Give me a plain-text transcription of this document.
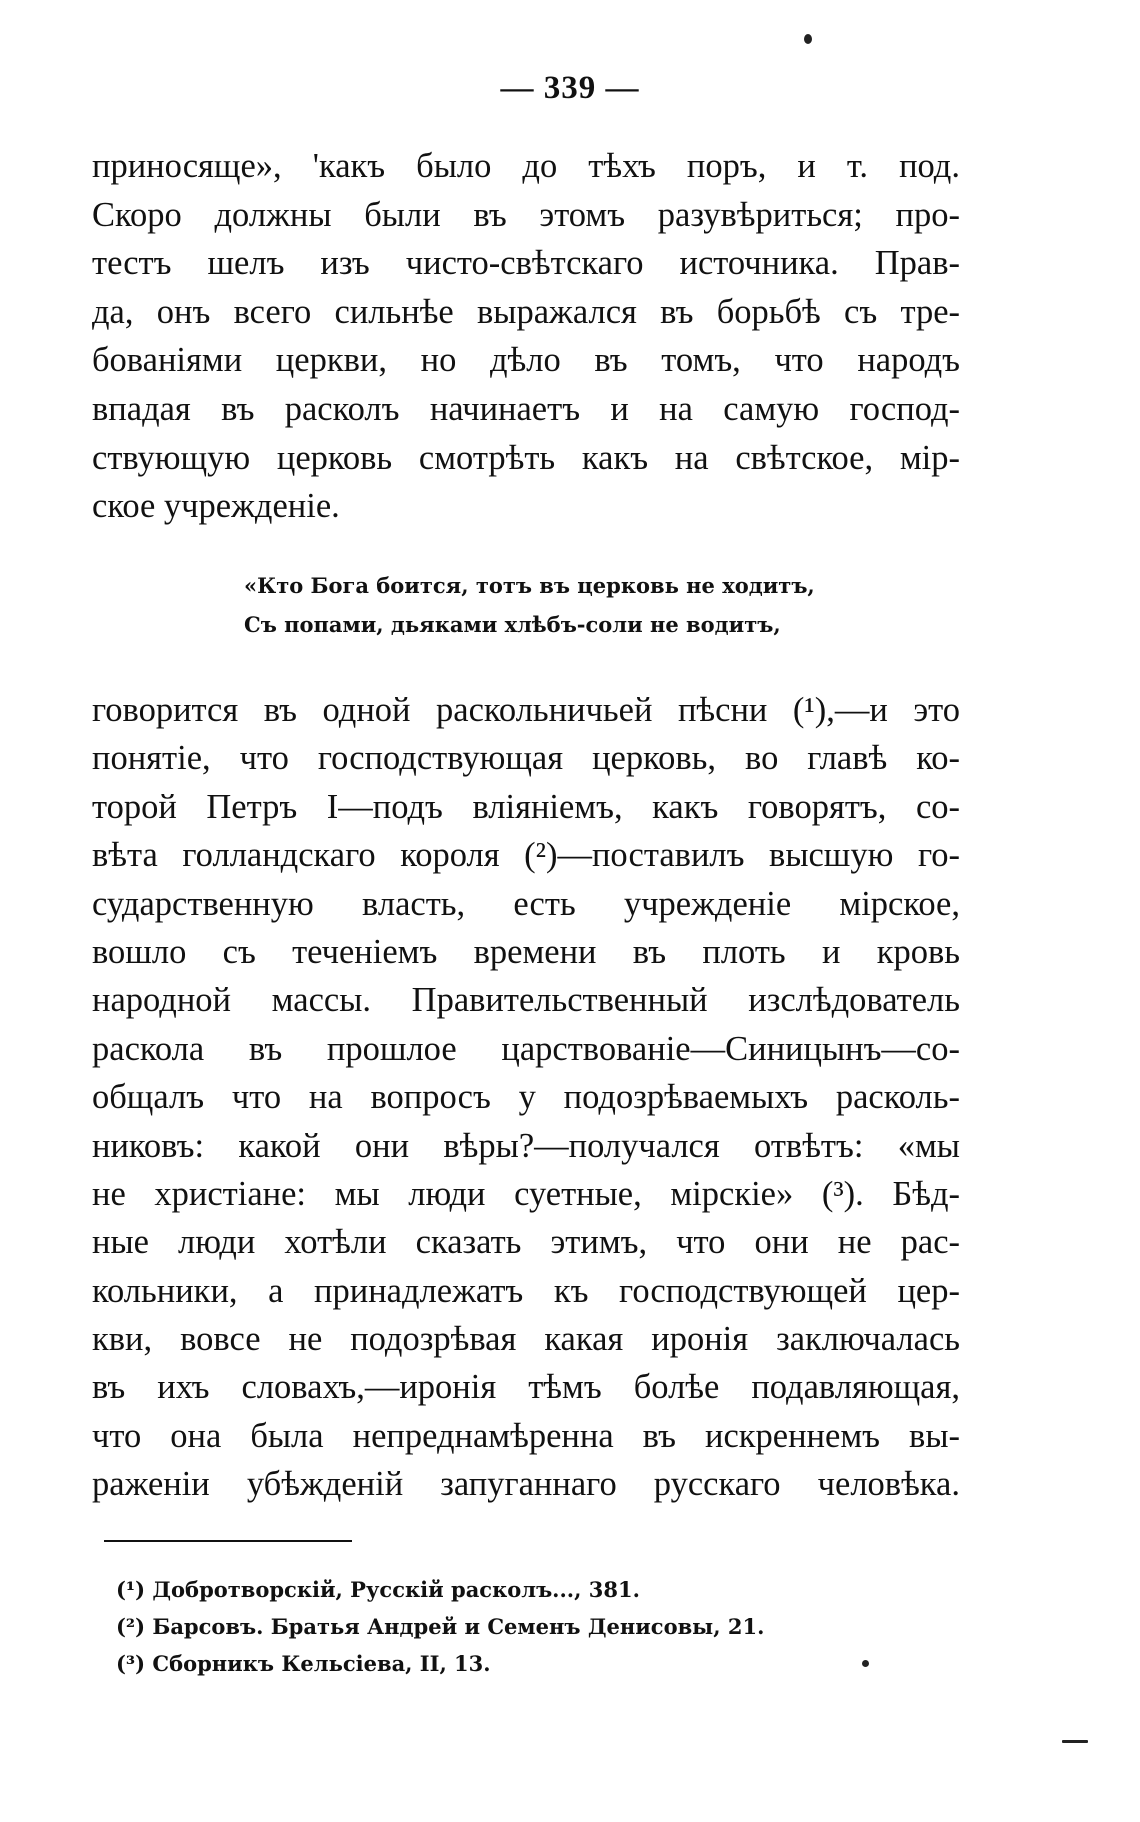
— 339 —
приносяще», 'какъ было до тѣхъ поръ, и т. под.
Скоро должны были въ этомъ разувѣриться; про-
тестъ шелъ изъ чисто-свѣтскаго источника. Прав-
да, онъ всего сильнѣе выражался въ борьбѣ съ тре-
бованіями церкви, но дѣло въ томъ, что народъ
впадая въ расколъ начинаетъ и на самую господ-
ствующую церковь смотрѣть какъ на свѣтское, мір-
ское учрежденіе.
«Кто Бога боится, тотъ въ церковь не ходитъ,
Съ попами, дьяками хлѣбъ-соли не водитъ,
говорится въ одной раскольничьей пѣсни (¹),—и это
понятіе, что господствующая церковь, во главѣ ко-
торой Петръ I—подъ вліяніемъ, какъ говорятъ, со-
вѣта голландскаго короля (²)—поставилъ высшую го-
сударственную власть, есть учрежденіе мірское,
вошло съ теченіемъ времени въ плоть и кровь
народной массы. Правительственный изслѣдователь
раскола въ прошлое царствованіе—Синицынъ—со-
общалъ что на вопросъ у подозрѣваемыхъ расколь-
никовъ: какой они вѣры?—получался отвѣтъ: «мы
не христіане: мы люди суетные, мірскіе» (³). Бѣд-
ные люди хотѣли сказать этимъ, что они не рас-
кольники, а принадлежатъ къ господствующей цер-
кви, вовсе не подозрѣвая какая иронія заключалась
въ ихъ словахъ,—иронія тѣмъ болѣе подавляющая,
что она была непреднамѣренна въ искреннемъ вы-
раженіи убѣжденій запуганнаго русскаго человѣка.
(¹) Добротворскій, Русскій расколъ..., 381.
(²) Барсовъ. Братья Андрей и Семенъ Денисовы, 21.
(³) Сборникъ Кельсіева, II, 13.
